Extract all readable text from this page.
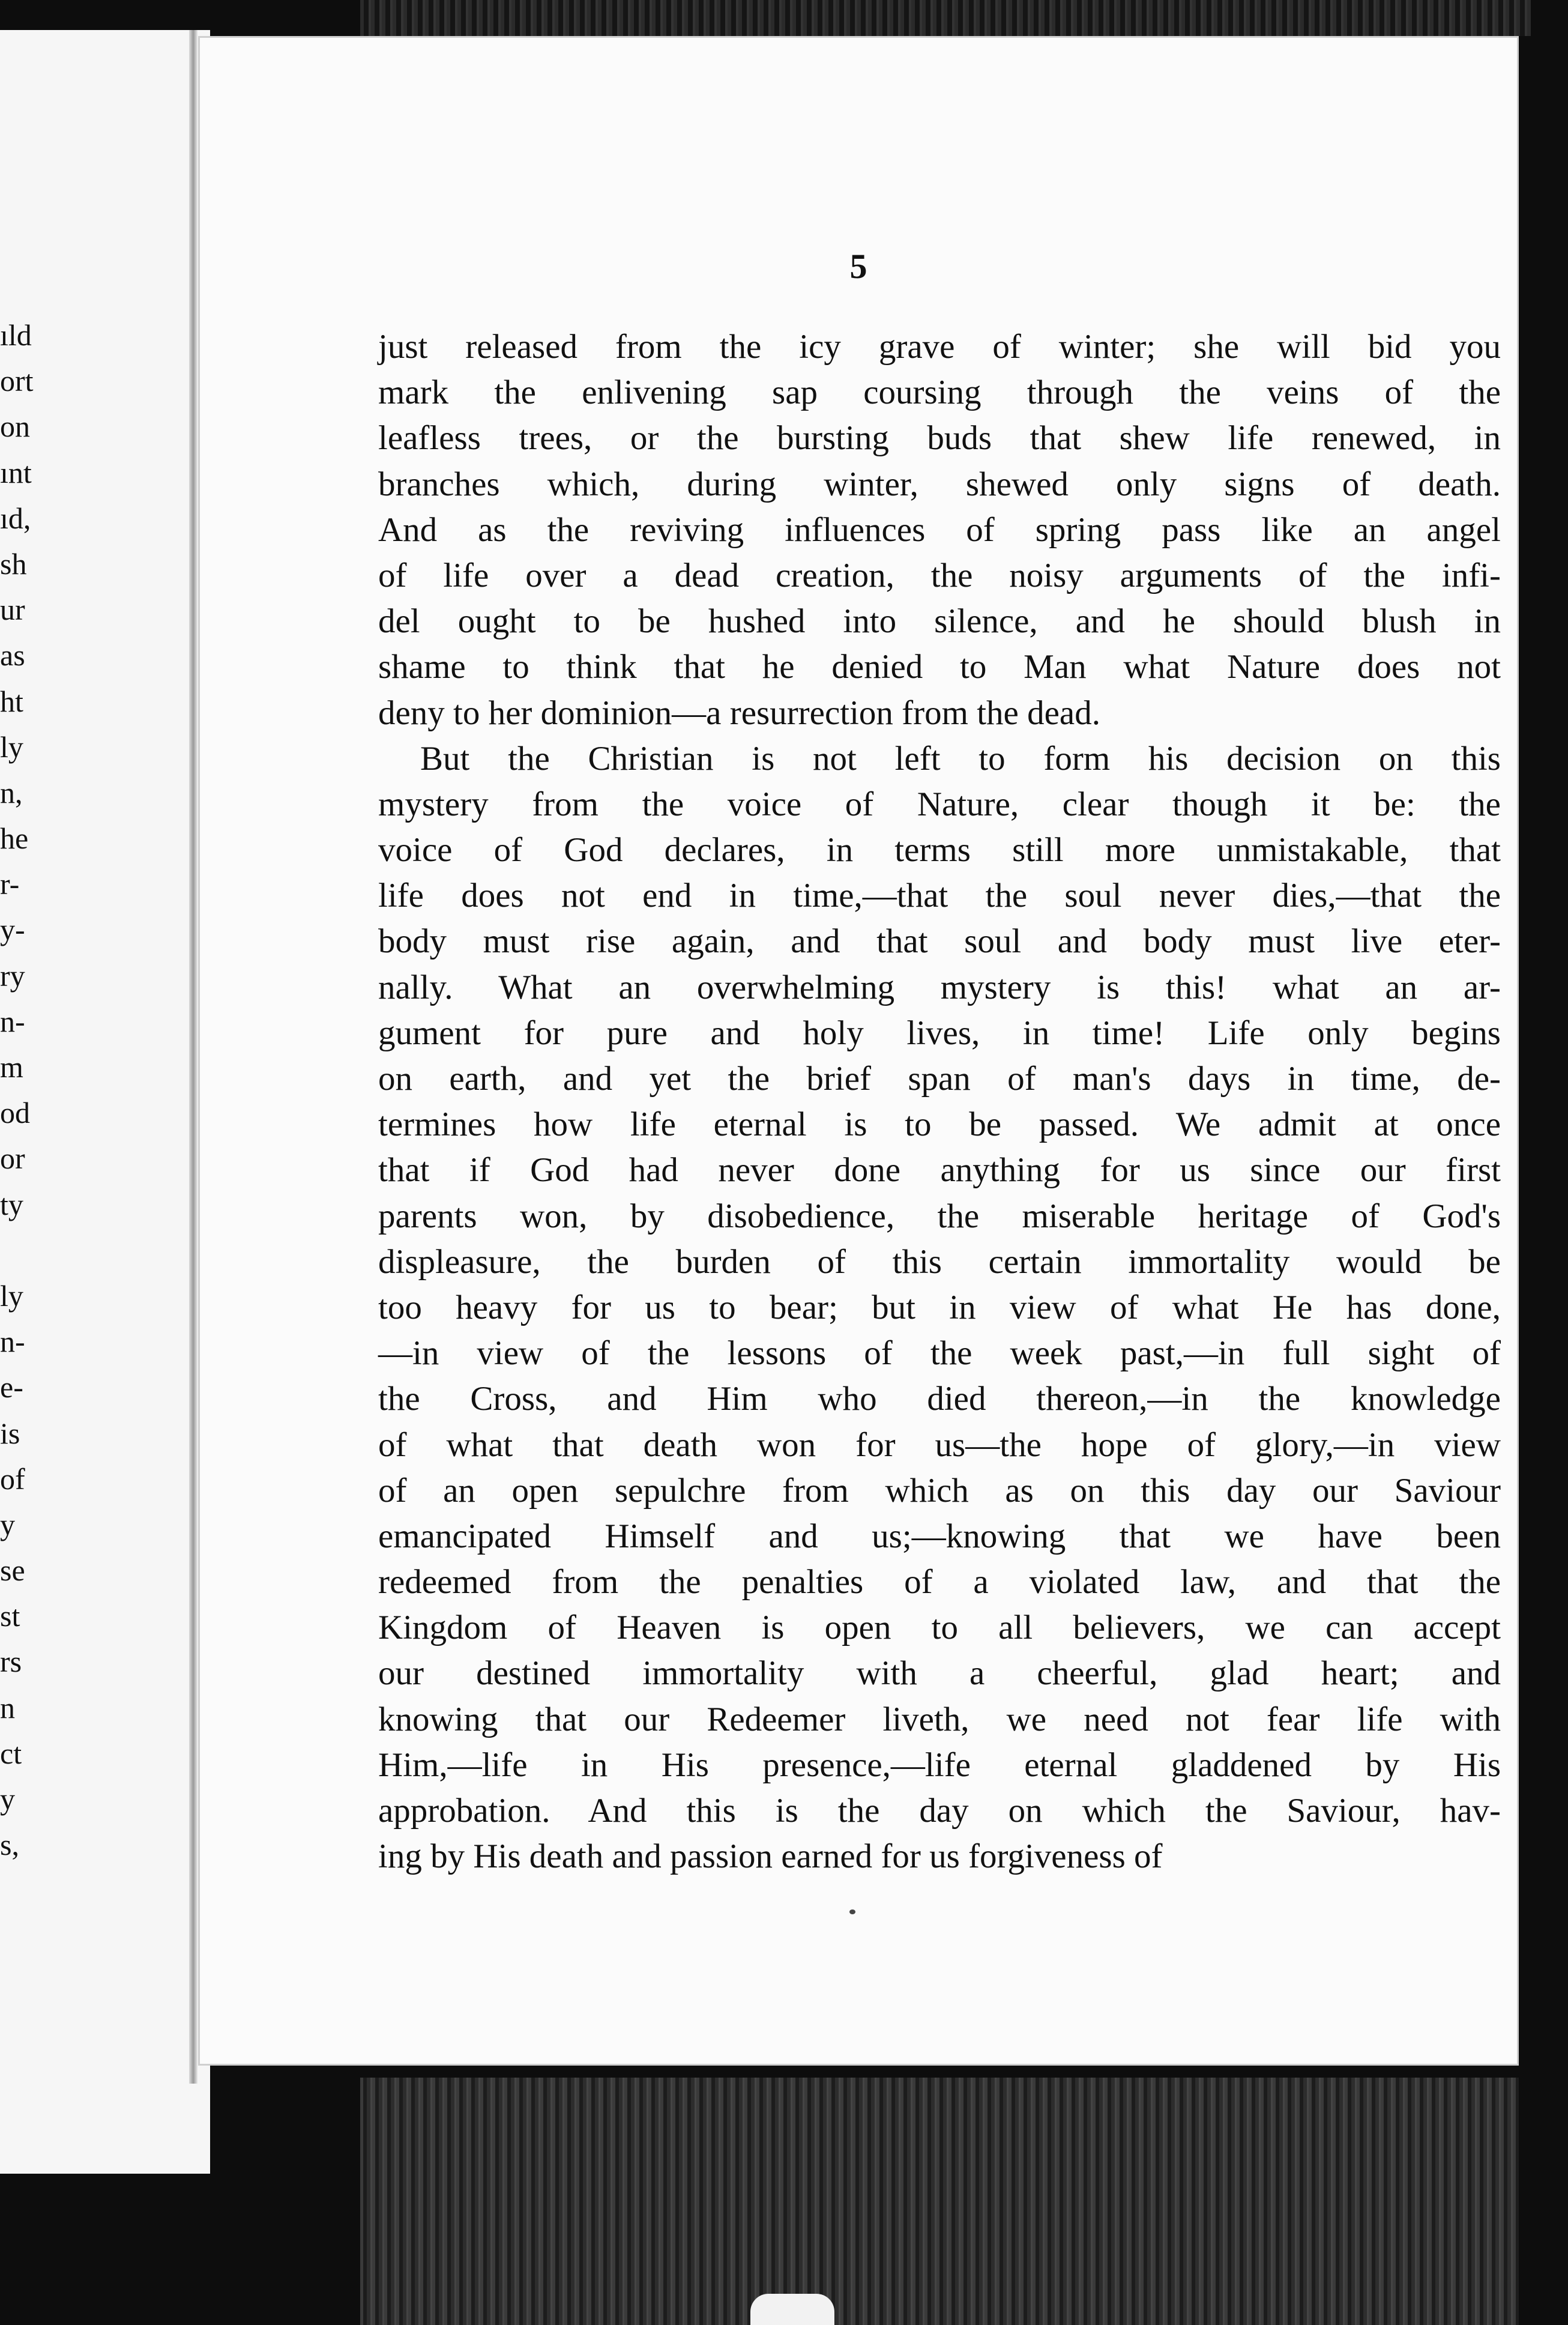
ıld
ort
on
ınt
ıd,
sh
ur
as
ht
ly
n,
he
r-
y-
ry
n-
m
od
or
ty
ly
n-
e-
is
of
y
se
st
rs
n
ct
y
s,
5
just released from the icy grave of winter; she will bid you
mark the enlivening sap coursing through the veins of the
leafless trees, or the bursting buds that shew life renewed, in
branches which, during winter, shewed only signs of death.
And as the reviving influences of spring pass like an angel
of life over a dead creation, the noisy arguments of the infi-
del ought to be hushed into silence, and he should blush in
shame to think that he denied to Man what Nature does not
deny to her dominion—a resurrection from the dead.
But the Christian is not left to form his decision on this
mystery from the voice of Nature, clear though it be: the
voice of God declares, in terms still more unmistakable, that
life does not end in time,—that the soul never dies,—that the
body must rise again, and that soul and body must live eter-
nally. What an overwhelming mystery is this! what an ar-
gument for pure and holy lives, in time! Life only begins
on earth, and yet the brief span of man's days in time, de-
termines how life eternal is to be passed. We admit at once
that if God had never done anything for us since our first
parents won, by disobedience, the miserable heritage of God's
displeasure, the burden of this certain immortality would be
too heavy for us to bear; but in view of what He has done,
—in view of the lessons of the week past,—in full sight of
the Cross, and Him who died thereon,—in the knowledge
of what that death won for us—the hope of glory,—in view
of an open sepulchre from which as on this day our Saviour
emancipated Himself and us;—knowing that we have been
redeemed from the penalties of a violated law, and that the
Kingdom of Heaven is open to all believers, we can accept
our destined immortality with a cheerful, glad heart; and
knowing that our Redeemer liveth, we need not fear life with
Him,—life in His presence,—life eternal gladdened by His
approbation. And this is the day on which the Saviour, hav-
ing by His death and passion earned for us forgiveness of
